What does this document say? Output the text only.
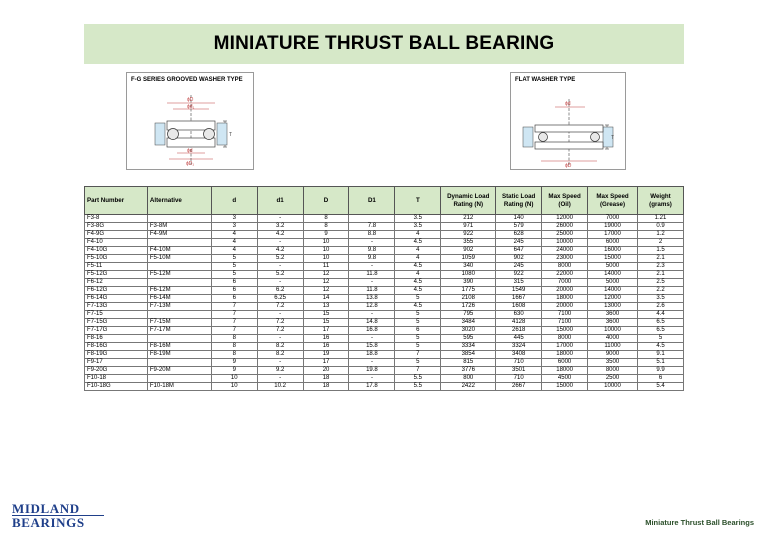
MINIATURE THRUST BALL BEARING
F-G SERIES GROOVED WASHER TYPE
ϕD
ϕd₁
ϕd
ϕD₁
T
FLAT WASHER TYPE
ϕd
ϕD
T
Part Number	Alternative	d	d1	D	D1	T	Dynamic Load Rating (N)	Static Load Rating (N)	Max Speed (Oil)	Max Speed (Grease)	Weight (grams)
F3-8		3	-	8		3.5	212	140	12000	7000	1.21
F3-8G	F3-8M	3	3.2	8	7.8	3.5	971	579	26000	19000	0.9
F4-9G	F4-9M	4	4.2	9	8.8	4	922	628	25000	17000	1.2
F4-10		4	-	10	-	4.5	355	245	10000	6000	2
F4-10G	F4-10M	4	4.2	10	9.8	4	902	647	24000	16000	1.5
F5-10G	F5-10M	5	5.2	10	9.8	4	1059	902	23000	15000	2.1
F5-11		5	-	11	-	4.5	340	245	8000	5000	2.3
F5-12G	F5-12M	5	5.2	12	11.8	4	1080	922	22000	14000	2.1
F6-12		6	-	12	-	4.5	390	315	7000	5000	2.5
F6-12G	F6-12M	6	6.2	12	11.8	4.5	1775	1549	20000	14000	2.2
F6-14G	F6-14M	6	6.25	14	13.8	5	2108	1667	18000	12000	3.5
F7-13G	F7-13M	7	7.2	13	12.8	4.5	1726	1608	20000	13000	2.6
F7-15		7	-	15	-	5	795	630	7100	3600	4.4
F7-15G	F7-15M	7	7.2	15	14.8	5	3484	4128	7100	3600	6.5
F7-17G	F7-17M	7	7.2	17	16.8	6	3020	2618	15000	10000	6.5
F8-16		8	-	16	-	5	595	445	8000	4000	5
F8-16G	F8-16M	8	8.2	16	15.8	5	3334	3324	17000	11000	4.5
F8-19G	F8-19M	8	8.2	19	18.8	7	3854	3408	18000	9000	9.1
F9-17		9	-	17	-	5	815	710	6000	3500	5.1
F9-20G	F9-20M	9	9.2	20	19.8	7	3776	3501	18000	8000	9.9
F10-18		10	-	18	-	5.5	800	710	4500	2500	6
F10-18G	F10-18M	10	10.2	18	17.8	5.5	2422	2667	15000	10000	5.4
MIDLAND
BEARINGS	Miniature Thrust Ball Bearings
